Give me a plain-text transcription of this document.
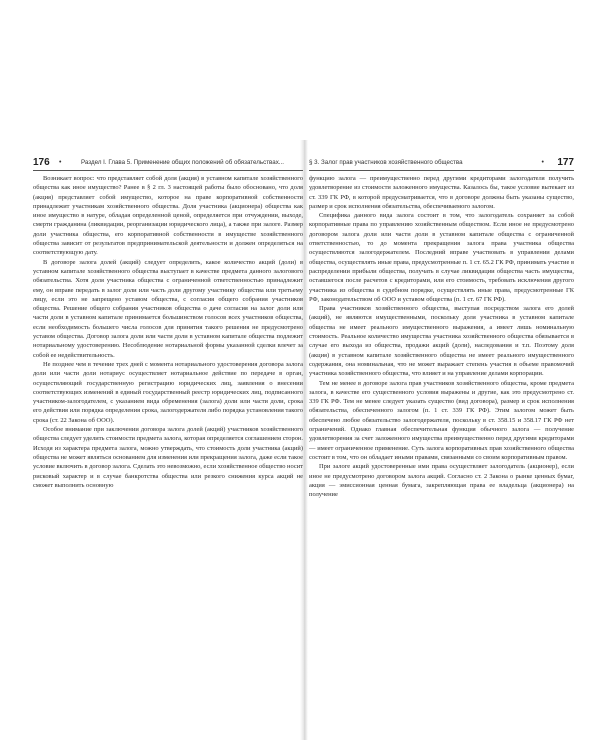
176 •	Раздел I. Глава 5. Применение общих положений об обязательствах...

Возникает вопрос: что представляет собой доля (акция) в уставном капитале хозяйственного общества как иное имущество? Ранее в § 2 гл. 3 настоящей работы было обосновано, что доля (акция) представляет собой имущество, которое на праве корпоративной собственности принадлежит участникам хозяйственного общества. Доля участника (акционера) общества как иное имущество в натуре, обладая определенной ценой, определяется при отчуждении, выходе, смерти гражданина (ликвидации, реорганизации юридического лица), а также при залоге. Размер доли участника общества, его корпоративной собственности в имуществе хозяйственного общества зависит от результатов предпринимательской деятельности и должен определяться на соответствующую дату.

В договоре залога долей (акций) следует определить, какое количество акций (доли) в уставном капитале хозяйственного общества выступает в качестве предмета данного залогового обязательства. Хотя доля участника общества с ограниченной ответственностью принадлежит ему, он вправе передать в залог доли или часть доли другому участнику общества или третьему лицу, если это не запрещено уставом общества, с согласия общего собрания участников общества. Решение общего собрания участников общества о даче согласия на залог доли или части доли в уставном капитале принимается большинством голосов всех участников общества, если необходимость большего числа голосов для принятия такого решения не предусмотрено уставом общества. Договор залога доли или части доли в уставном капитале общества подлежит нотариальному удостоверению. Несоблюдение нотариальной формы указанной сделки влечет за собой ее недействительность.

Не позднее чем в течение трех дней с момента нотариального удостоверения договора залога доли или части доли нотариус осуществляет нотариальное действие по передаче в орган, осуществляющий государственную регистрацию юридических лиц, заявления о внесении соответствующих изменений в единый государственный реестр юридических лиц, подписанного участником-залогодателем, с указанием вида обременения (залога) доли или части доли, срока его действия или порядка определения срока, залогодержателя либо порядка установления такого срока (ст. 22 Закона об ООО).

Особое внимание при заключении договора залога долей (акций) участников хозяйственного общества следует уделить стоимости предмета залога, которая определяется соглашением сторон. Исходя из характера предмета залога, можно утверждать, что стоимость доли участника (акций) общества не может являться основанием для изменения или прекращения залога, даже если такое условие включить в договор залога. Сделать это невозможно, если хозяйственное общество носит рисковый характер и в случае банкротства общества или резкого снижения курса акций не сможет выполнить основную

§ 3. Залог прав участников хозяйственного общества	• 177

функцию залога — преимущественно перед другими кредиторами залогодателя получить удовлетворение из стоимости заложенного имущества. Казалось бы, такое условие вытекает из ст. 339 ГК РФ, в которой предусматривается, что в договоре должны быть указаны существо, размер и срок исполнения обязательства, обеспечиваемого залогом.

Специфика данного вида залога состоит в том, что залогодатель сохраняет за собой корпоративные права по управлению хозяйственным обществом. Если иное не предусмотрено договором залога доли или части доли в уставном капитале общества с ограниченной ответственностью, то до момента прекращения залога права участника общества осуществляются залогодержателем. Последний вправе участвовать в управлении делами общества, осуществлять иные права, предусмотренные п. 1 ст. 65.2 ГК РФ, принимать участие в распределении прибыли общества, получать в случае ликвидации общества часть имущества, оставшегося после расчетов с кредиторами, или его стоимость, требовать исключения другого участника из общества в судебном порядке, осуществлять иные права, предусмотренные ГК РФ, законодательством об ООО и уставом общества (п. 1 ст. 67 ГК РФ).

Права участников хозяйственного общества, выступая посредством залога его долей (акций), не являются имущественными, поскольку доля участника в уставном капитале общества не имеет реального имущественного выражения, а имеет лишь номинальную стоимость. Реальное количество имущества участника хозяйственного общества обязывается в случае его выхода из общества, продажи акций (доли), наследования и т.п. Поэтому доля (акция) в уставном капитале хозяйственного общества не имеет реального имущественного содержания, она номинальная, что не может выражает степень участия в объеме правомочий участника хозяйственного общества, что влияет и на управление делами корпорации.

Тем не менее в договоре залога прав участников хозяйственного общества, кроме предмета залога, в качестве его существенного условия выражены и другие, как это предусмотрено ст. 339 ГК РФ. Тем не менее следует указать существо (вид договора), размер и срок исполнения обязательства, обеспеченного залогом (п. 1 ст. 339 ГК РФ). Этим залогом может быть обеспечено любое обязательство залогодержателя, поскольку в ст. 358.15 и 358.17 ГК РФ нет ограничений. Однако главная обеспечительная функция обычного залога — получение удовлетворения за счет заложенного имущества преимущественно перед другими кредиторами — имеет ограниченное применение. Суть залога корпоративных прав хозяйственного общества состоит в том, что он обладает иными правами, связанными со своим корпоративным правом.

При залоге акций удостоверенные ими права осуществляет залогодатель (акционер), если иное не предусмотрено договором залога акций. Согласно ст. 2 Закона о рынке ценных бумаг, акция — эмиссионная ценная бумага, закрепляющая права ее владельца (акционера) на получение
